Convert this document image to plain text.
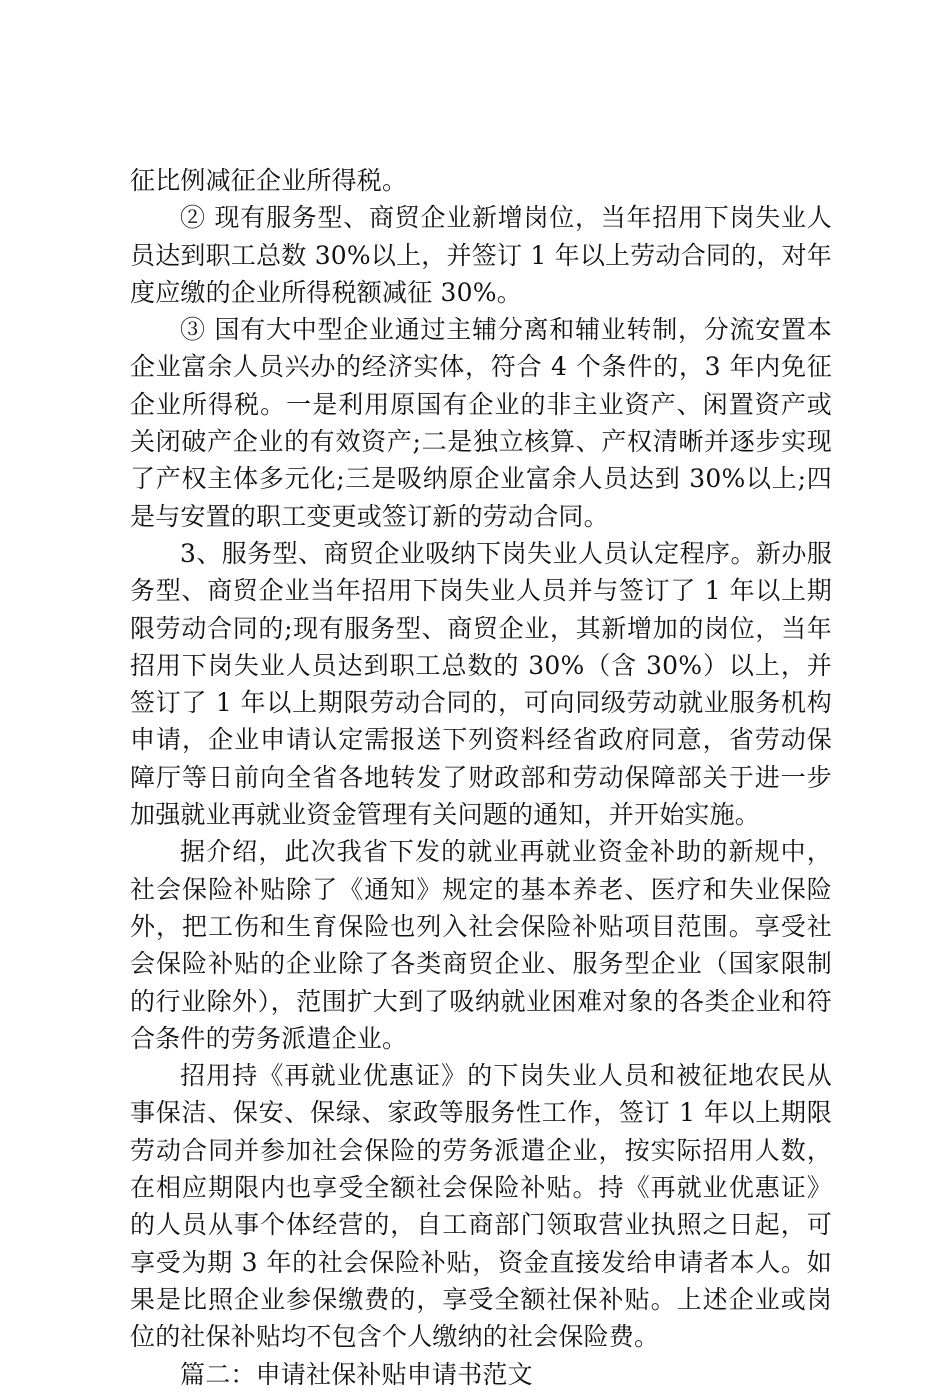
征比例减征企业所得税。

② 现有服务型、商贸企业新增岗位，当年招用下岗失业人员达到职工总数 30%以上，并签订 1 年以上劳动合同的，对年度应缴的企业所得税额减征 30%。

③ 国有大中型企业通过主辅分离和辅业转制，分流安置本企业富余人员兴办的经济实体，符合 4 个条件的，3 年内免征企业所得税。一是利用原国有企业的非主业资产、闲置资产或关闭破产企业的有效资产;二是独立核算、产权清晰并逐步实现了产权主体多元化;三是吸纳原企业富余人员达到 30%以上;四是与安置的职工变更或签订新的劳动合同。

3、服务型、商贸企业吸纳下岗失业人员认定程序。新办服务型、商贸企业当年招用下岗失业人员并与签订了 1 年以上期限劳动合同的;现有服务型、商贸企业，其新增加的岗位，当年招用下岗失业人员达到职工总数的 30%（含 30%）以上，并签订了 1 年以上期限劳动合同的，可向同级劳动就业服务机构申请，企业申请认定需报送下列资料经省政府同意，省劳动保障厅等日前向全省各地转发了财政部和劳动保障部关于进一步加强就业再就业资金管理有关问题的通知，并开始实施。

据介绍，此次我省下发的就业再就业资金补助的新规中，社会保险补贴除了《通知》规定的基本养老、医疗和失业保险外，把工伤和生育保险也列入社会保险补贴项目范围。享受社会保险补贴的企业除了各类商贸企业、服务型企业（国家限制的行业除外），范围扩大到了吸纳就业困难对象的各类企业和符合条件的劳务派遣企业。

招用持《再就业优惠证》的下岗失业人员和被征地农民从事保洁、保安、保绿、家政等服务性工作，签订 1 年以上期限劳动合同并参加社会保险的劳务派遣企业，按实际招用人数，在相应期限内也享受全额社会保险补贴。持《再就业优惠证》的人员从事个体经营的，自工商部门领取营业执照之日起，可享受为期 3 年的社会保险补贴，资金直接发给申请者本人。如果是比照企业参保缴费的，享受全额社保补贴。上述企业或岗位的社保补贴均不包含个人缴纳的社会保险费。

篇二：申请社保补贴申请书范文
